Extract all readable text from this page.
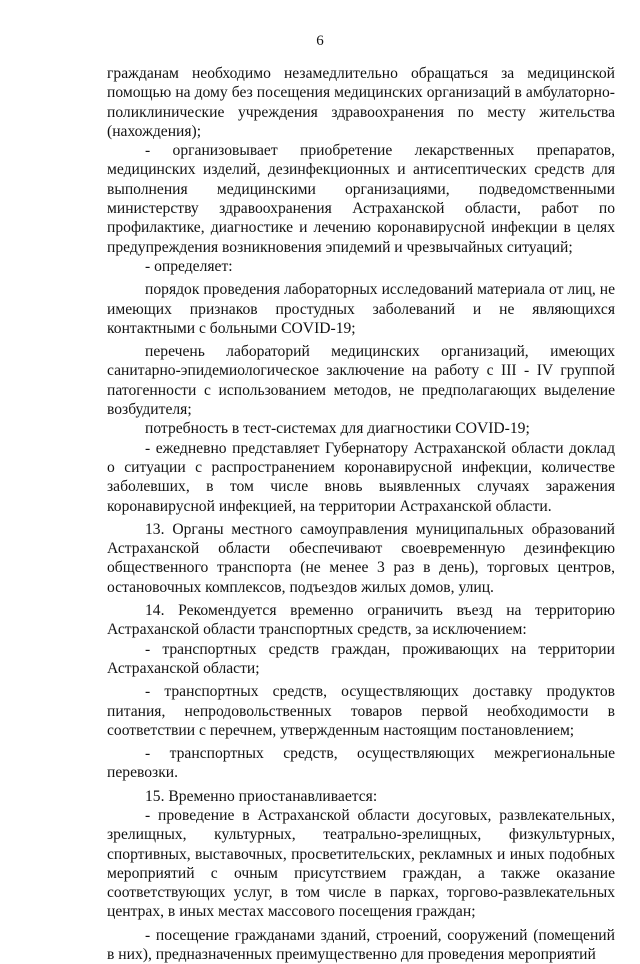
6

гражданам необходимо незамедлительно обращаться за медицинской помощью на дому без посещения медицинских организаций в амбулаторно-поликлинические учреждения здравоохранения по месту жительства (нахождения);

- организовывает приобретение лекарственных препаратов, медицинских изделий, дезинфекционных и антисептических средств для выполнения медицинскими организациями, подведомственными министерству здравоохранения Астраханской области, работ по профилактике, диагностике и лечению коронавирусной инфекции в целях предупреждения возникновения эпидемий и чрезвычайных ситуаций;

- определяет:

порядок проведения лабораторных исследований материала от лиц, не имеющих признаков простудных заболеваний и не являющихся контактными с больными COVID-19;

перечень лабораторий медицинских организаций, имеющих санитарно-эпидемиологическое заключение на работу с III - IV группой патогенности с использованием методов, не предполагающих выделение возбудителя;

потребность в тест-системах для диагностики COVID-19;

- ежедневно представляет Губернатору Астраханской области доклад о ситуации с распространением коронавирусной инфекции, количестве заболевших, в том числе вновь выявленных случаях заражения коронавирусной инфекцией, на территории Астраханской области.

13. Органы местного самоуправления муниципальных образований Астраханской области обеспечивают своевременную дезинфекцию общественного транспорта (не менее 3 раз в день), торговых центров, остановочных комплексов, подъездов жилых домов, улиц.

14. Рекомендуется временно ограничить въезд на территорию Астраханской области транспортных средств, за исключением:

- транспортных средств граждан, проживающих на территории Астраханской области;

- транспортных средств, осуществляющих доставку продуктов питания, непродовольственных товаров первой необходимости в соответствии с перечнем, утвержденным настоящим постановлением;

- транспортных средств, осуществляющих межрегиональные перевозки.

15. Временно приостанавливается:

- проведение в Астраханской области досуговых, развлекательных, зрелищных, культурных, театрально-зрелищных, физкультурных, спортивных, выставочных, просветительских, рекламных и иных подобных мероприятий с очным присутствием граждан, а также оказание соответствующих услуг, в том числе в парках, торгово-развлекательных центрах, в иных местах массового посещения граждан;

- посещение гражданами зданий, строений, сооружений (помещений в них), предназначенных преимущественно для проведения мероприятий
